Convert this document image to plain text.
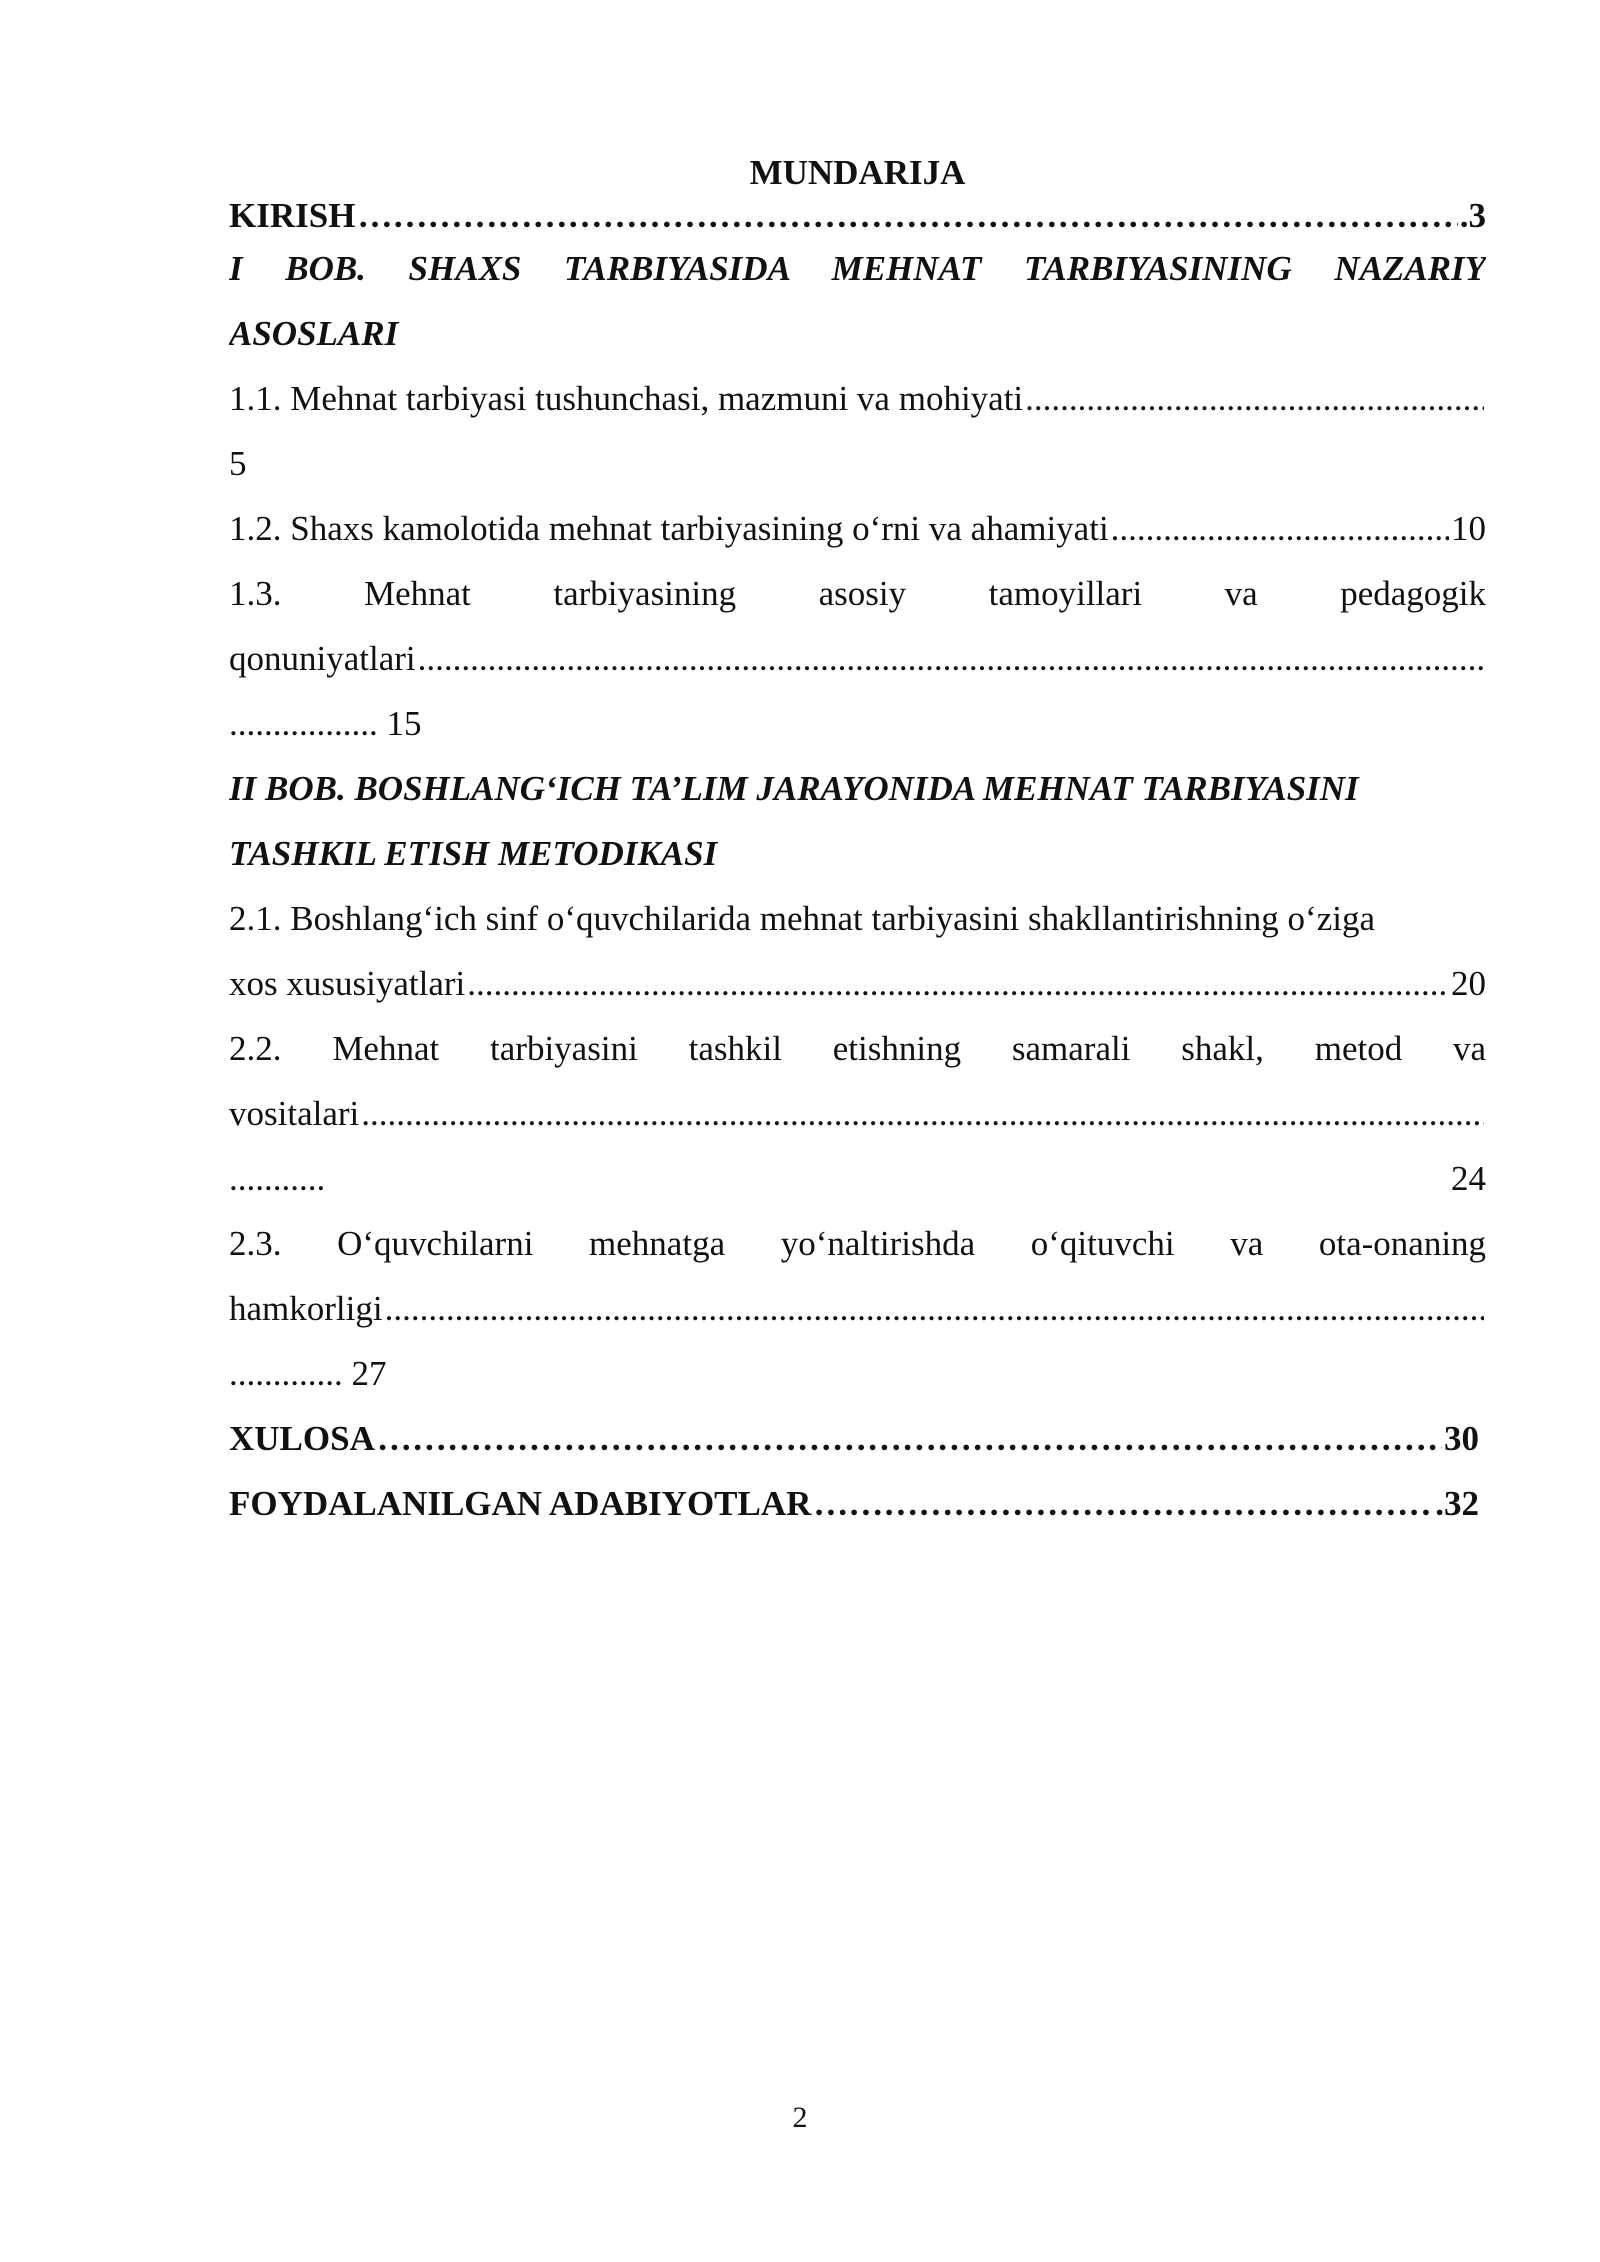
MUNDARIJA
KIRISH ………………………………………………………………………………………………………………………………………………………………………………………………………	.3
I BOB. SHAXS TARBIYASIDA MEHNAT TARBIYASINING NAZARIY
ASOSLARI
1.1. Mehnat tarbiyasi tushunchasi, mazmuni va mohiyati
.....
5
1.2. Shaxs kamolotida mehnat tarbiyasining o‘rni va ahamiyati .....	10
1.3. Mehnat tarbiyasining asosiy tamoyillari va pedagogik
qonuniyatlari
.....
................. 15
II BOB. BOSHLANG‘ICH TA’LIM JARAYONIDA MEHNAT TARBIYASINI
TASHKIL ETISH METODIKASI
2.1. Boshlang‘ich sinf o‘quvchilarida mehnat tarbiyasini shakllantirishning o‘ziga
xos xususiyatlari .....	20
2.2. Mehnat tarbiyasini tashkil etishning samarali shakl, metod va
vositalari
.....
...........	24
2.3. O‘quvchilarni mehnatga yo‘naltirishda o‘qituvchi va ota-onaning
hamkorligi
.....
............. 27
XULOSA ………………………………………………………………………………………………………………………………………………………………………………………………………	30
FOYDALANILGAN ADABIYOTLAR ………………………………………………………………………………………………………………………………………………………………………………………………………	.32
2
